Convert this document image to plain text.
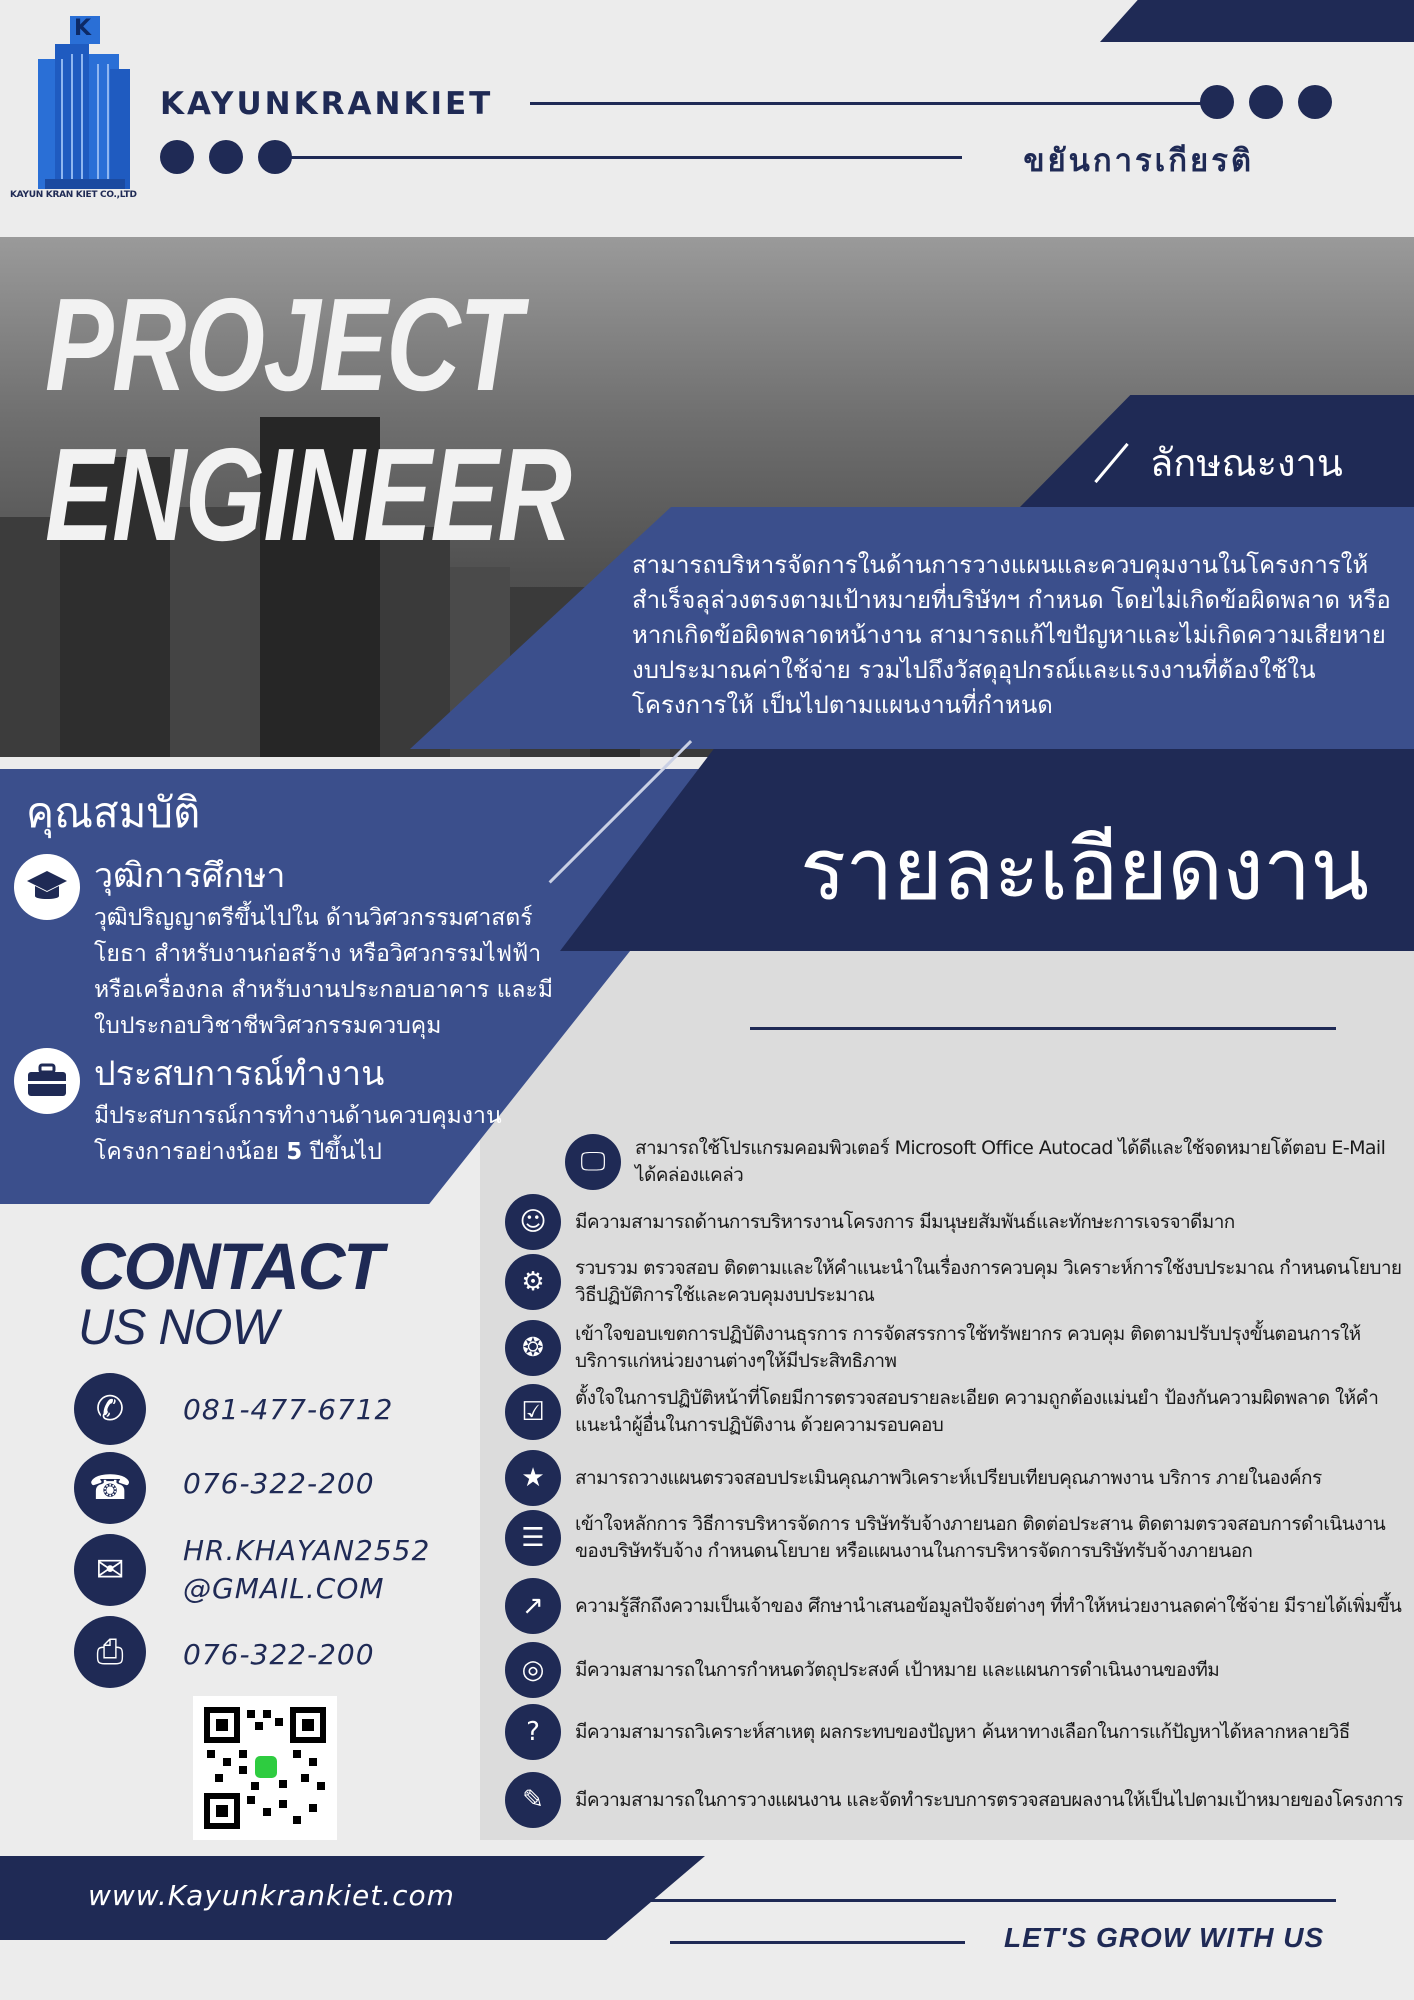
K
KAYUN KRAN KIET CO.,LTD
KAYUNKRANKIET
ขยันการเกียรติ
PROJECT
ENGINEER	ลักษณะงาน
สามารถบริหารจัดการในด้านการวางแผนและควบคุมงานในโครงการให้สำเร็จลุล่วงตรงตามเป้าหมายที่บริษัทฯ กำหนด โดยไม่เกิดข้อผิดพลาด หรือหากเกิดข้อผิดพลาดหน้างาน สามารถแก้ไขปัญหาและไม่เกิดความเสียหาย งบประมาณค่าใช้จ่าย รวมไปถึงวัสดุอุปกรณ์และแรงงานที่ต้องใช้ในโครงการให้ เป็นไปตามแผนงานที่กำหนด
รายละเอียดงาน
คุณสมบัติ
วุฒิการศึกษา
วุฒิปริญญาตรีขึ้นไปใน ด้านวิศวกรรมศาสตร์ โยธา สำหรับงานก่อสร้าง หรือวิศวกรรมไฟฟ้า หรือเครื่องกล สำหรับงานประกอบอาคาร และมีใบประกอบวิชาชีพวิศวกรรมควบคุม
ประสบการณ์ทำงาน
มีประสบการณ์การทำงานด้านควบคุมงาน
โครงการอย่างน้อย 5 ปีขึ้นไป	🖵	สามารถใช้โปรแกรมคอมพิวเตอร์ Microsoft Office Autocad ได้ดีและใช้จดหมายโต้ตอบ E-Mail ได้คล่องแคล่ว
☺	มีความสามารถด้านการบริหารงานโครงการ มีมนุษยสัมพันธ์และทักษะการเจรจาดีมาก
⚙	รวบรวม ตรวจสอบ ติดตามและให้คำแนะนำในเรื่องการควบคุม วิเคราะห์การใช้งบประมาณ กำหนดนโยบายวิธีปฏิบัติการใช้และควบคุมงบประมาณ
❂	เข้าใจขอบเขตการปฏิบัติงานธุรการ การจัดสรรการใช้ทรัพยากร ควบคุม ติดตามปรับปรุงขั้นตอนการให้บริการแก่หน่วยงานต่างๆให้มีประสิทธิภาพ
☑	ตั้งใจในการปฏิบัติหน้าที่โดยมีการตรวจสอบรายละเอียด ความถูกต้องแม่นยำ ป้องกันความผิดพลาด ให้คำแนะนำผู้อื่นในการปฏิบัติงาน ด้วยความรอบคอบ
★	สามารถวางแผนตรวจสอบประเมินคุณภาพวิเคราะห์เปรียบเทียบคุณภาพงาน บริการ ภายในองค์กร
☰	เข้าใจหลักการ วิธีการบริหารจัดการ บริษัทรับจ้างภายนอก ติดต่อประสาน ติดตามตรวจสอบการดำเนินงานของบริษัทรับจ้าง กำหนดนโยบาย หรือแผนงานในการบริหารจัดการบริษัทรับจ้างภายนอก
↗	ความรู้สึกถึงความเป็นเจ้าของ ศึกษานำเสนอข้อมูลปัจจัยต่างๆ ที่ทำให้หน่วยงานลดค่าใช้จ่าย มีรายได้เพิ่มขึ้น
◎	มีความสามารถในการกำหนดวัตถุประสงค์ เป้าหมาย และแผนการดำเนินงานของทีม
?	มีความสามารถวิเคราะห์สาเหตุ ผลกระทบของปัญหา ค้นหาทางเลือกในการแก้ปัญหาได้หลากหลายวิธี
✎	มีความสามารถในการวางแผนงาน และจัดทำระบบการตรวจสอบผลงานให้เป็นไปตามเป้าหมายของโครงการ
CONTACT
US NOW
✆	081-477-6712
☎	076-322-200
✉	HR.KHAYAN2552
@GMAIL.COM
⎙	076-322-200
www.Kayunkrankiet.com
LET'S GROW WITH US
